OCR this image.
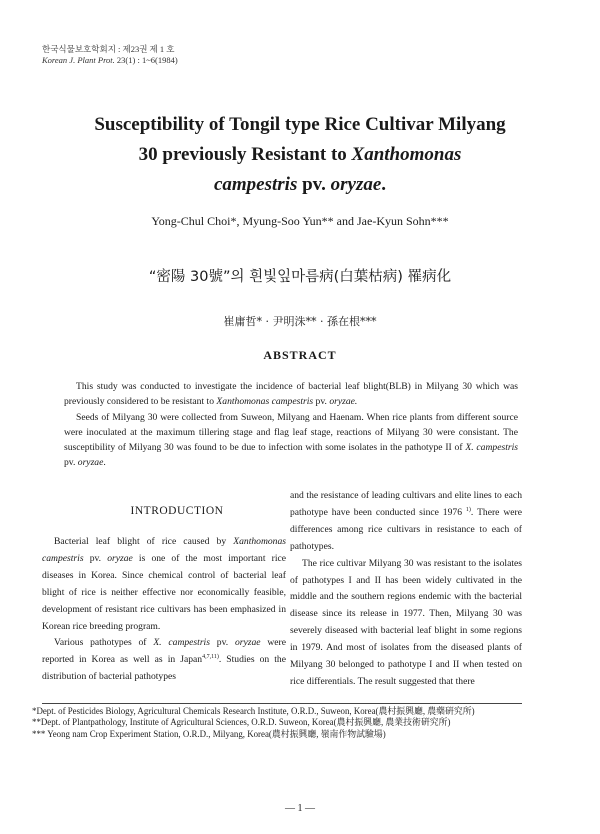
한국식물보호학회지 : 제23권 제 1 호
Korean J. Plant Prot. 23(1) : 1~6(1984)
Susceptibility of Tongil type Rice Cultivar Milyang
30 previously Resistant to Xanthomonas
campestris pv. oryzae.
Yong-Chul Choi*, Myung-Soo Yun** and Jae-Kyun Sohn***
“密陽 30號”의 흰빛잎마름病(白葉枯病) 罹病化
崔庸哲* · 尹明洙** · 孫在根***
ABSTRACT

This study was conducted to investigate the incidence of bacterial leaf blight(BLB) in Milyang 30 which was previously considered to be resistant to Xanthomonas campestris pv. oryzae.

Seeds of Milyang 30 were collected from Suweon, Milyang and Haenam. When rice plants from different source were inoculated at the maximum tillering stage and flag leaf stage, reactions of Milyang 30 were consistant. The susceptibility of Milyang 30 was found to be due to infection with some isolates in the pathotype II of X. campestris pv. oryzae.

INTRODUCTION

Bacterial leaf blight of rice caused by Xanthomonas campestris pv. oryzae is one of the most important rice diseases in Korea. Since chemical control of bacterial leaf blight of rice is neither effective nor economically feasible, development of resistant rice cultivars has been emphasized in Korean rice breeding program.

Various pathotypes of X. campestris pv. oryzae were reported in Korea as well as in Japan$^{4,7,11)}$. Studies on the distribution of bacterial pathotypes

and the resistance of leading cultivars and elite lines to each pathotype have been conducted since 1976 $^{1)}$. There were differences among rice cultivars in resistance to each of pathotypes.

The rice cultivar Milyang 30 was resistant to the isolates of pathotypes I and II has been widely cultivated in the middle and the southern regions endemic with the bacterial disease since its release in 1977. Then, Milyang 30 was severely diseased with bacterial leaf blight in some regions in 1979. And most of isolates from the diseased plants of Milyang 30 belonged to pathotype I and II when tested on rice differentials. The result suggested that there

*Dept. of Pesticides Biology, Agricultural Chemicals Research Institute, O.R.D., Suweon, Korea(農村振興廳, 農藥硏究所)
**Dept. of Plantpathology, Institute of Agricultural Sciences, O.R.D. Suweon, Korea(農村振興廳, 農業技術硏究所)
*** Yeong nam Crop Experiment Station, O.R.D., Milyang, Korea(農村振興廳, 嶺南作物試驗場)
— 1 —
